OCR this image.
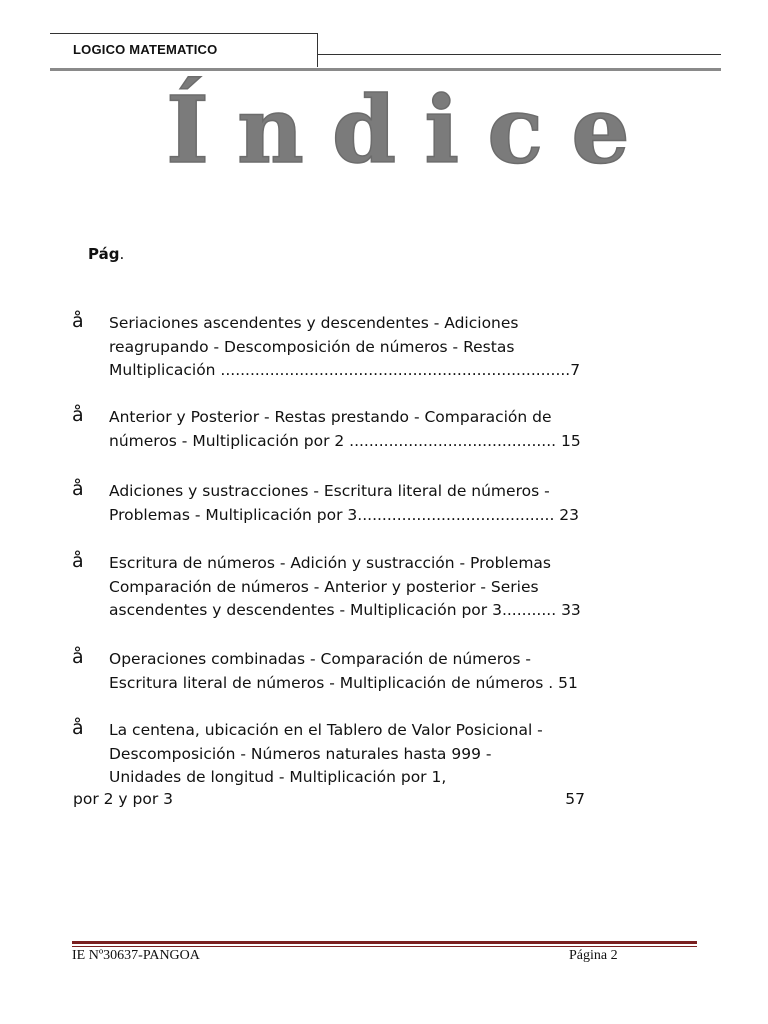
LOGICO MATEMATICO
Índice
Pág.
å Seriaciones ascendentes y descendentes - Adiciones
reagrupando - Descomposición de números - Restas
Multiplicación .......................................................................7
å Anterior y Posterior - Restas prestando - Comparación de
números - Multiplicación por 2 .......................................... 15
å Adiciones y sustracciones - Escritura literal de números -
Problemas - Multiplicación por 3........................................ 23
å Escritura de números - Adición y sustracción - Problemas
Comparación de números - Anterior y posterior - Series
ascendentes y descendentes - Multiplicación por 3........... 33
å Operaciones combinadas - Comparación de números -
Escritura literal de números - Multiplicación de números . 51
å La centena, ubicación en el Tablero de Valor Posicional -
Descomposición - Números naturales hasta 999 -
Unidades de longitud - Multiplicación por 1,
por 2 y por 3	57
IE Nº30637-PANGOA	Página 2
